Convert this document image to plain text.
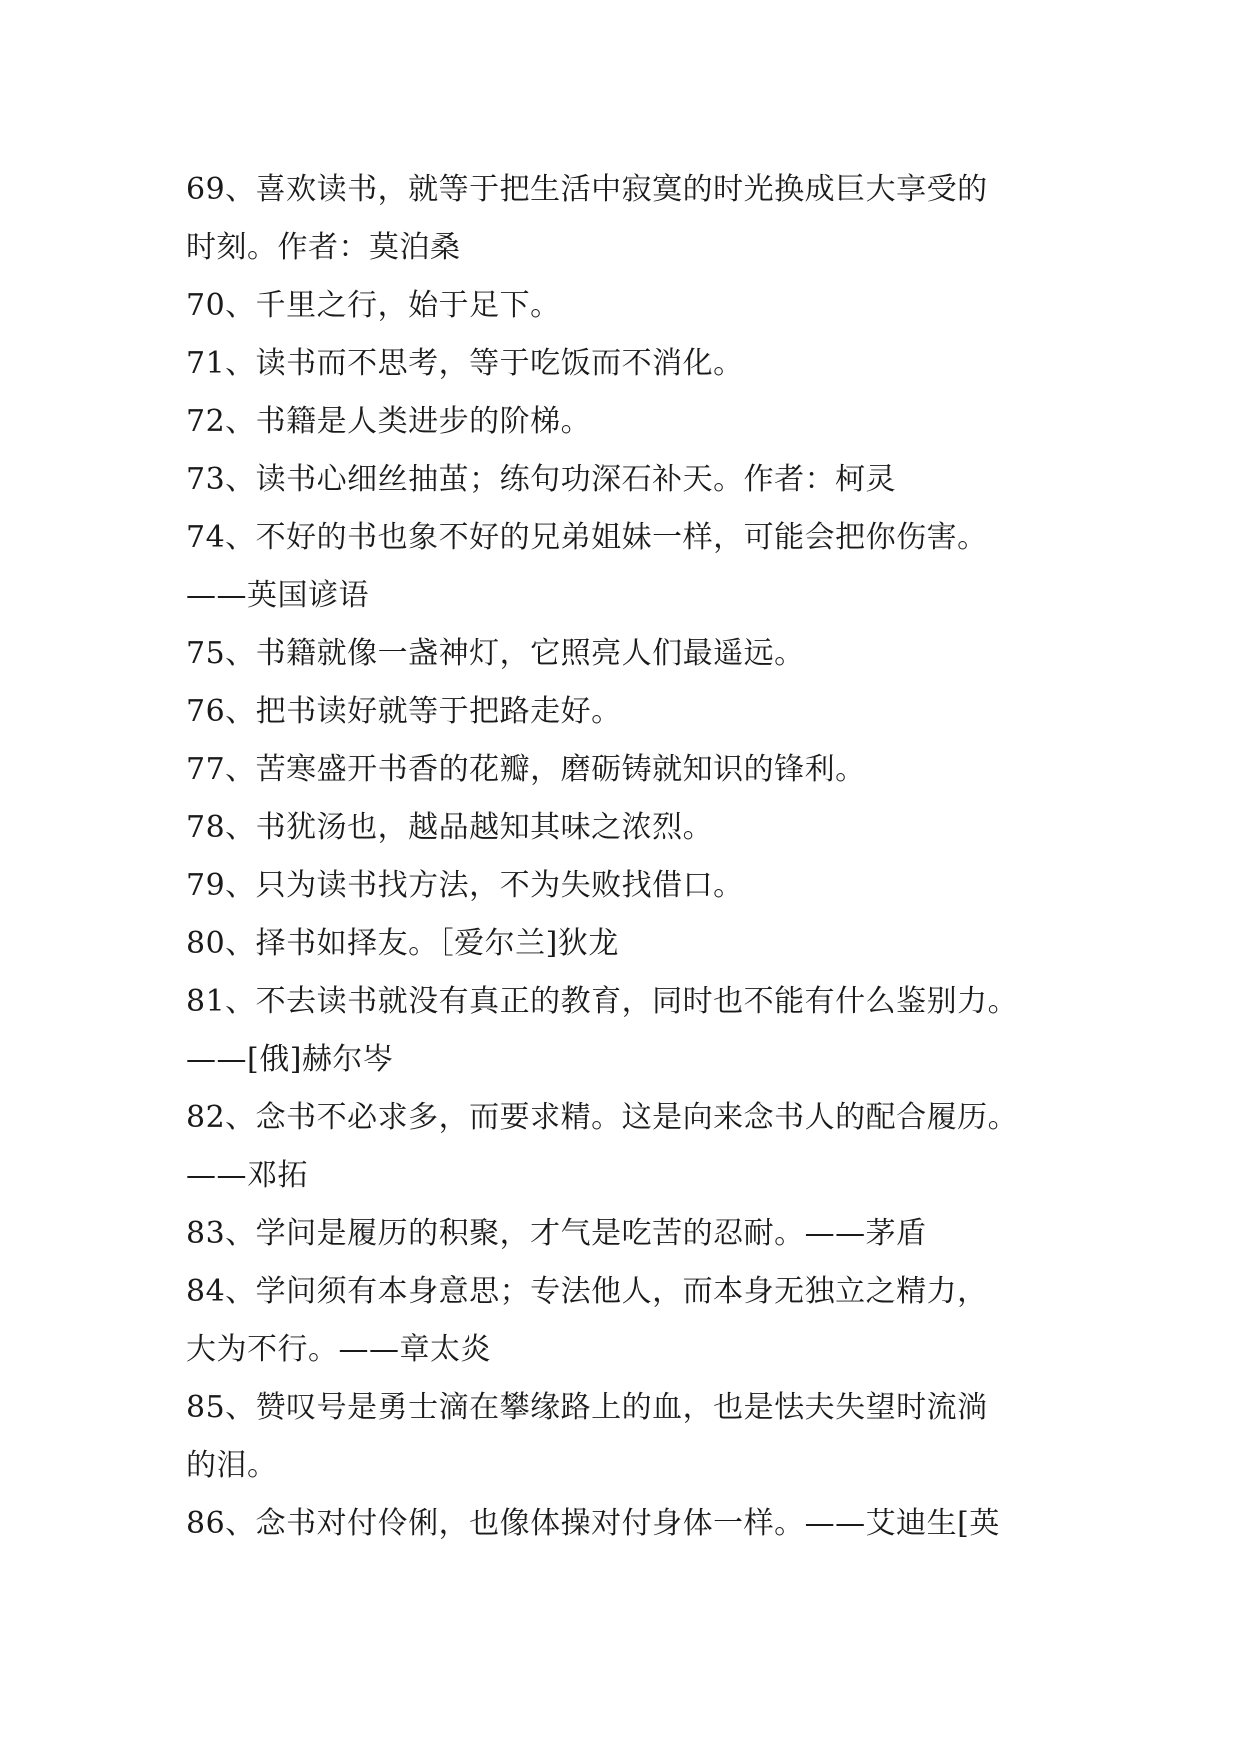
69、喜欢读书，就等于把生活中寂寞的时光换成巨大享受的
时刻。作者：莫泊桑
70、千里之行，始于足下。
71、读书而不思考，等于吃饭而不消化。
72、书籍是人类进步的阶梯。
73、读书心细丝抽茧；练句功深石补天。作者：柯灵
74、不好的书也象不好的兄弟姐妹一样，可能会把你伤害。
——英国谚语
75、书籍就像一盏神灯，它照亮人们最遥远。
76、把书读好就等于把路走好。
77、苦寒盛开书香的花瓣，磨砺铸就知识的锋利。
78、书犹汤也，越品越知其味之浓烈。
79、只为读书找方法，不为失败找借口。
80、择书如择友。［爱尔兰]狄龙
81、不去读书就没有真正的教育，同时也不能有什么鉴别力。
——[俄]赫尔岑
82、念书不必求多，而要求精。这是向来念书人的配合履历。
——邓拓
83、学问是履历的积聚，才气是吃苦的忍耐。——茅盾
84、学问须有本身意思；专法他人，而本身无独立之精力，
大为不行。——章太炎
85、赞叹号是勇士滴在攀缘路上的血，也是怯夫失望时流淌
的泪。
86、念书对付伶俐，也像体操对付身体一样。——艾迪生[英
